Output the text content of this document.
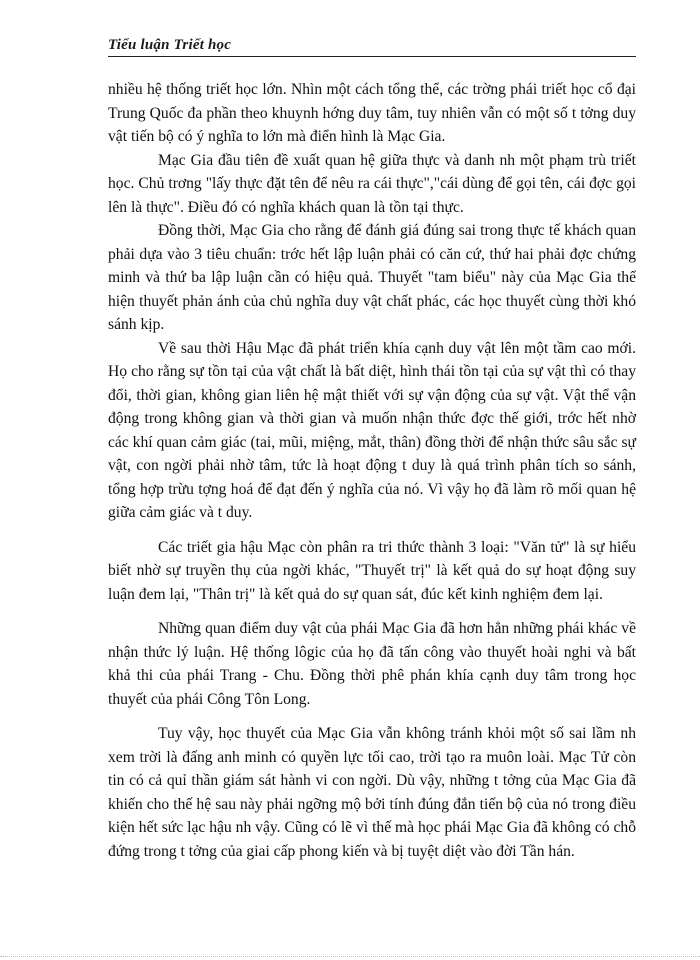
Tiểu luận Triết học

nhiều hệ thống triết học lớn. Nhìn một cách tổng thể, các trờng phái triết học cổ đại Trung Quốc đa phần theo khuynh hớng duy tâm, tuy nhiên vẫn có một số t tởng duy vật tiến bộ có ý nghĩa to lớn mà điển hình là Mạc Gia.

Mạc Gia đầu tiên đề xuất quan hệ giữa thực và danh nh một phạm trù triết học. Chủ trơng "lấy thực đặt tên để nêu ra cái thực","cái dùng để gọi tên, cái đợc gọi lên là thực". Điều đó có nghĩa khách quan là tồn tại thực.

Đồng thời, Mạc Gia cho rằng để đánh giá đúng sai trong thực tế khách quan phải dựa vào 3 tiêu chuẩn: trớc hết lập luận phải có căn cứ, thứ hai phải đợc chứng minh và thứ ba lập luận cần có hiệu quả. Thuyết "tam biểu" này của Mạc Gia thể hiện thuyết phản ánh của chủ nghĩa duy vật chất phác, các học thuyết cùng thời khó sánh kịp.

Về sau thời Hậu Mạc đã phát triển khía cạnh duy vật lên một tầm cao mới. Họ cho rằng sự tồn tại của vật chất là bất diệt, hình thái tồn tại của sự vật thì có thay đổi, thời gian, không gian liên hệ mật thiết với sự vận động của sự vật. Vật thể vận động trong không gian và thời gian và muốn nhận thức đợc thế giới, trớc hết nhờ các khí quan cảm giác (tai, mũi, miệng, mắt, thân) đồng thời để nhận thức sâu sắc sự vật, con ngời phải nhờ tâm, tức là hoạt động t duy là quá trình phân tích so sánh, tổng hợp trừu tợng hoá để đạt đến ý nghĩa của nó. Vì vậy họ đã làm rõ mối quan hệ giữa cảm giác và t duy.

Các triết gia hậu Mạc còn phân ra tri thức thành 3 loại: "Văn tử" là sự hiểu biết nhờ sự truyền thụ của ngời khác, "Thuyết trị" là kết quả do sự hoạt động suy luận đem lại, "Thân trị" là kết quả do sự quan sát, đúc kết kinh nghiệm đem lại.

Những quan điểm duy vật của phái Mạc Gia đã hơn hẳn những phái khác về nhận thức lý luận. Hệ thống lôgic của họ đã tấn công vào thuyết hoài nghi và bất khả thi của phái Trang - Chu. Đồng thời phê phán khía cạnh duy tâm trong học thuyết của phái Công Tôn Long.

Tuy vậy, học thuyết của Mạc Gia vẫn không tránh khỏi một số sai lầm nh xem trời là đấng anh minh có quyền lực tối cao, trời tạo ra muôn loài. Mạc Tử còn tin có cả quỉ thần giám sát hành vi con ngời. Dù vậy, những t tởng của Mạc Gia đã khiến cho thế hệ sau này phải ngỡng mộ bởi tính đúng đắn tiến bộ của nó trong điều kiện hết sức lạc hậu nh vậy. Cũng có lẽ vì thế mà học phái Mạc Gia đã không có chỗ đứng trong t tởng của giai cấp phong kiến và bị tuyệt diệt vào đời Tần hán.
